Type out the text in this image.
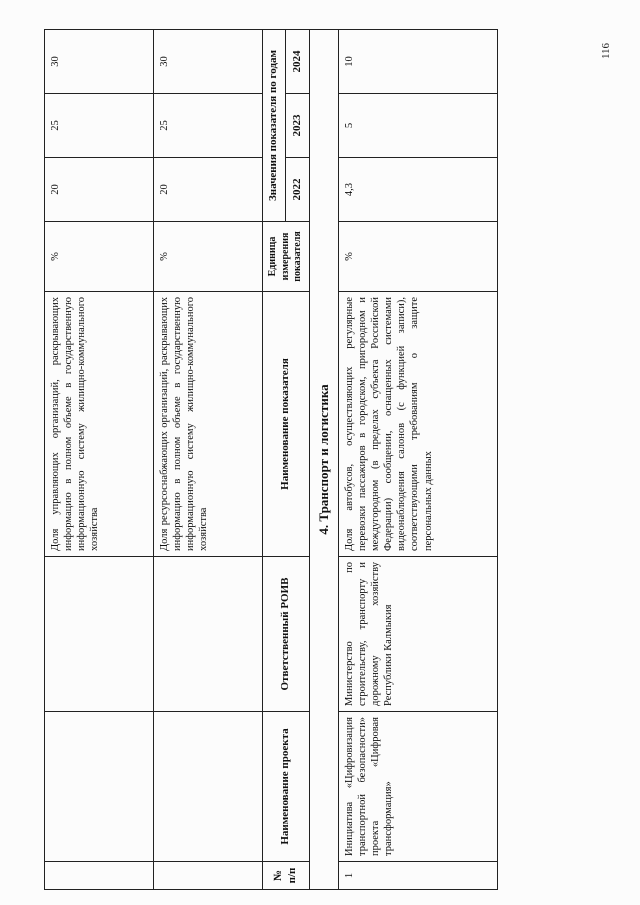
116
			Доля управляющих организаций, раскрывающих информацию в полном объеме в государственную информационную систему жилищно-коммунального хозяйства	%	20	25	30
			Доля ресурсоснабжающих организаций, раскрывающих информацию в полном объеме в государственную информационную систему жилищно-коммунального хозяйства	%	20	25	30
№ п/п	Наименование проекта	Ответственный РОИВ	Наименование показателя	Единица измерения показателя	Значения показателя по годам		
					2022	2023	2024
4. Транспорт и логистика							
1	Инициатива «Цифровизация транспортной безопасности» проекта «Цифровая трансформация»	Министерство по строительству, транспорту и дорожному хозяйству Республики Калмыкия	Доля автобусов, осуществляющих регулярные перевозки пассажиров в городском, пригородном и междугородном (в пределах субъекта Российской Федерации) сообщении, оснащенных системами видеонаблюдения салонов (с функцией записи), соответствующими требованиям о защите персональных данных	%	4,3	5	10
